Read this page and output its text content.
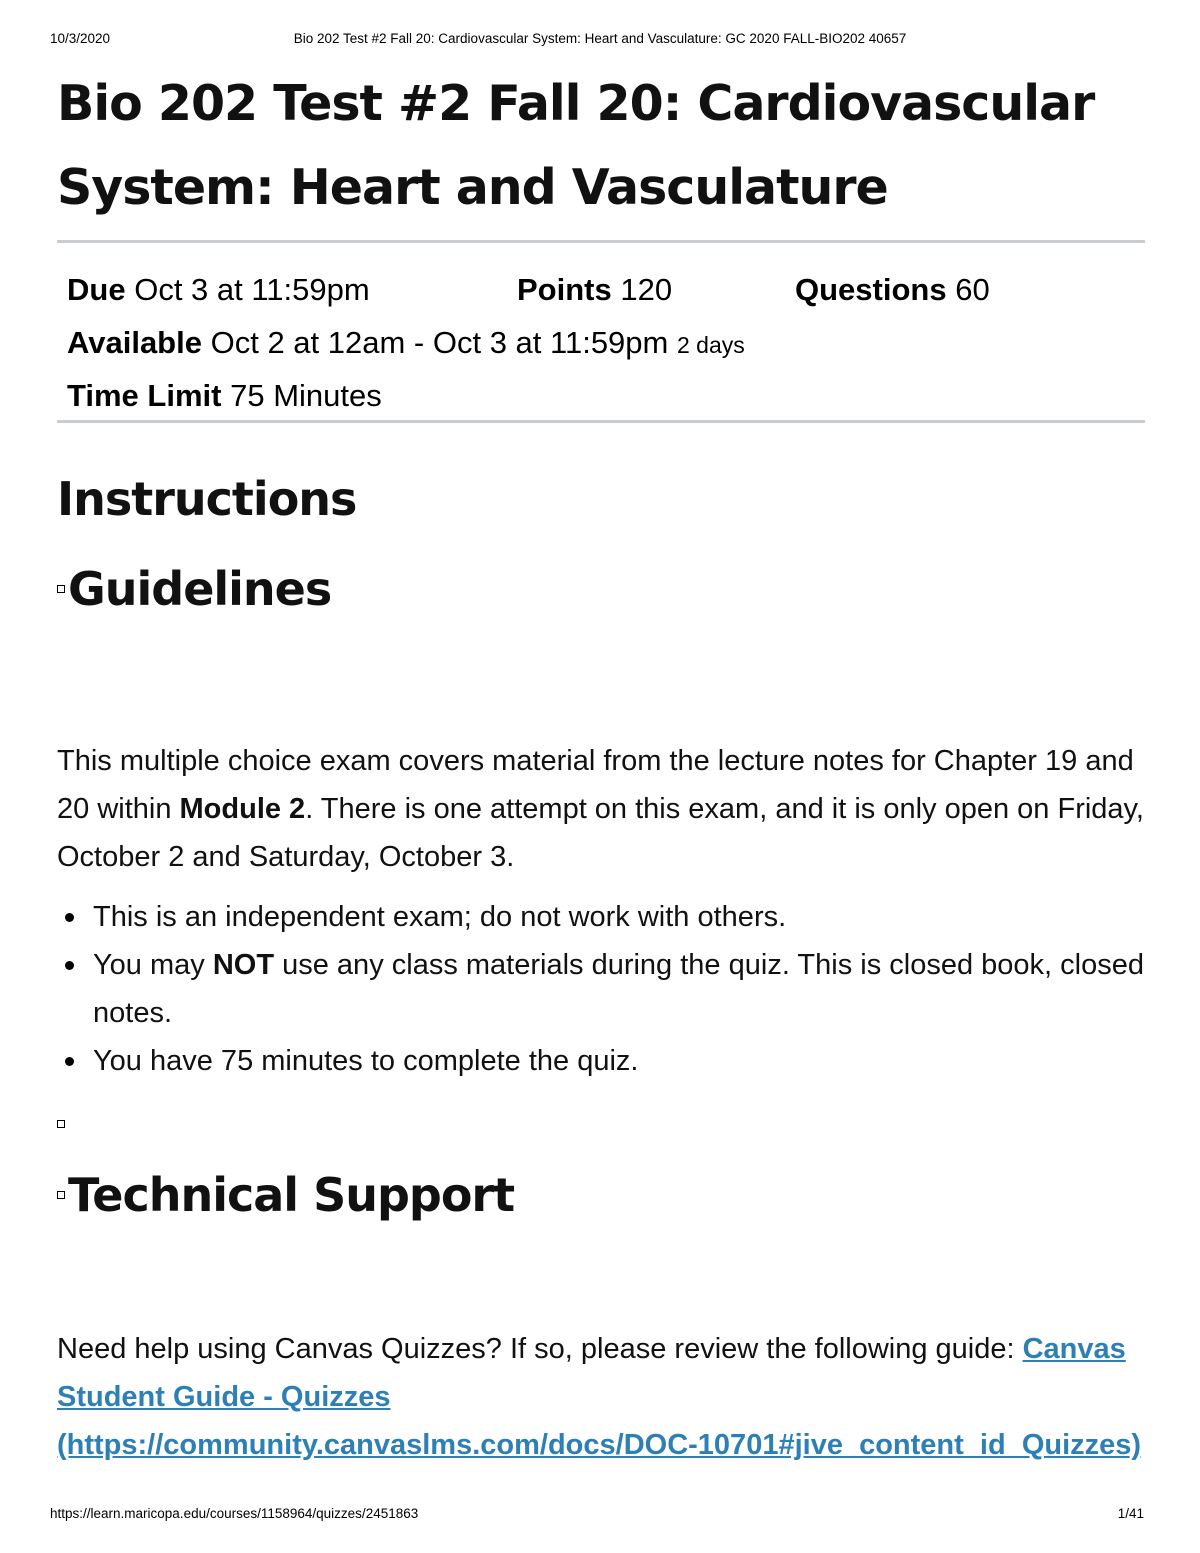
10/3/2020	Bio 202 Test #2 Fall 20: Cardiovascular System: Heart and Vasculature: GC 2020 FALL-BIO202 40657
Bio 202 Test #2 Fall 20: Cardiovascular
System: Heart and Vasculature
Due Oct 3 at 11:59pm	Points 120	Questions 60
Available Oct 2 at 12am - Oct 3 at 11:59pm 2 days
Time Limit 75 Minutes
Instructions
Guidelines

This multiple choice exam covers material from the lecture notes for Chapter 19 and 20 within Module 2. There is one attempt on this exam, and it is only open on Friday, October 2 and Saturday, October 3.

This is an independent exam; do not work with others.
You may NOT use any class materials during the quiz. This is closed book, closed notes.
You have 75 minutes to complete the quiz.
Technical Support

Need help using Canvas Quizzes? If so, please review the following guide: Canvas Student Guide - Quizzes
(https://community.canvaslms.com/docs/DOC-10701#jive_content_id_Quizzes)

https://learn.maricopa.edu/courses/1158964/quizzes/2451863	1/41
